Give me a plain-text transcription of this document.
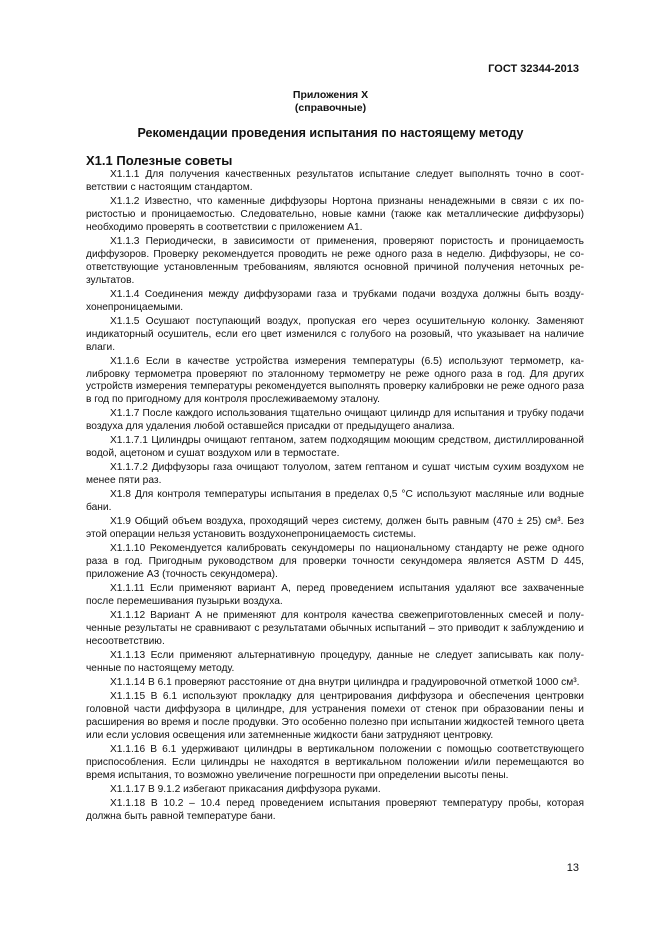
ГОСТ 32344-2013
Приложения Х
(справочные)
Рекомендации проведения испытания по настоящему методу
Х1.1 Полезные советы

Х1.1.1 Для получения качественных результатов испытание следует выполнять точно в соответствии с настоящим стандартом.

Х1.1.2 Известно, что каменные диффузоры Нортона признаны ненадежными в связи с их пористостью и проницаемостью. Следовательно, новые камни (также как металлические диффузоры) необходимо проверять в соответствии с приложением А1.

Х1.1.3 Периодически, в зависимости от применения, проверяют пористость и проницаемость диффузоров. Проверку рекомендуется проводить не реже одного раза в неделю. Диффузоры, не соответствующие установленным требованиям, являются основной причиной получения неточных результатов.

Х1.1.4 Соединения между диффузорами газа и трубками подачи воздуха должны быть воздухонепроницаемыми.

Х1.1.5 Осушают поступающий воздух, пропуская его через осушительную колонку. Заменяют индикаторный осушитель, если его цвет изменился с голубого на розовый, что указывает на наличие влаги.

Х1.1.6 Если в качестве устройства измерения температуры (6.5) используют термометр, калибровку термометра проверяют по эталонному термометру не реже одного раза в год. Для других устройств измерения температуры рекомендуется выполнять проверку калибровки не реже одного раза в год по пригодному для контроля прослеживаемому эталону.

Х1.1.7 После каждого использования тщательно очищают цилиндр для испытания и трубку подачи воздуха для удаления любой оставшейся присадки от предыдущего анализа.

Х1.1.7.1 Цилиндры очищают гептаном, затем подходящим моющим средством, дистиллированной водой, ацетоном и сушат воздухом или в термостате.

Х1.1.7.2 Диффузоры газа очищают толуолом, затем гептаном и сушат чистым сухим воздухом не менее пяти раз.

Х1.8 Для контроля температуры испытания в пределах 0,5 °С используют масляные или водные бани.

Х1.9 Общий объем воздуха, проходящий через систему, должен быть равным (470 ± 25) см³. Без этой операции нельзя установить воздухонепроницаемость системы.

Х1.1.10 Рекомендуется калибровать секундомеры по национальному стандарту не реже одного раза в год. Пригодным руководством для проверки точности секундомера является ASTM D 445, приложение А3 (точность секундомера).

Х1.1.11 Если применяют вариант А, перед проведением испытания удаляют все захваченные после перемешивания пузырьки воздуха.

Х1.1.12 Вариант А не применяют для контроля качества свежеприготовленных смесей и полученные результаты не сравнивают с результатами обычных испытаний – это приводит к заблуждению и несоответствию.

Х1.1.13 Если применяют альтернативную процедуру, данные не следует записывать как полученные по настоящему методу.

Х1.1.14 В 6.1 проверяют расстояние от дна внутри цилиндра и градуировочной отметкой 1000 см³.

Х1.1.15 В 6.1 используют прокладку для центрирования диффузора и обеспечения центровки головной части диффузора в цилиндре, для устранения помехи от стенок при образовании пены и расширения во время и после продувки. Это особенно полезно при испытании жидкостей темного цвета или если условия освещения или затемненные жидкости бани затрудняют центровку.

Х1.1.16 В 6.1 удерживают цилиндры в вертикальном положении с помощью соответствующего приспособления. Если цилиндры не находятся в вертикальном положении и/или перемещаются во время испытания, то возможно увеличение погрешности при определении высоты пены.

Х1.1.17 В 9.1.2 избегают прикасания диффузора руками.

Х1.1.18 В 10.2 – 10.4 перед проведением испытания проверяют температуру пробы, которая должна быть равной температуре бани.

13
